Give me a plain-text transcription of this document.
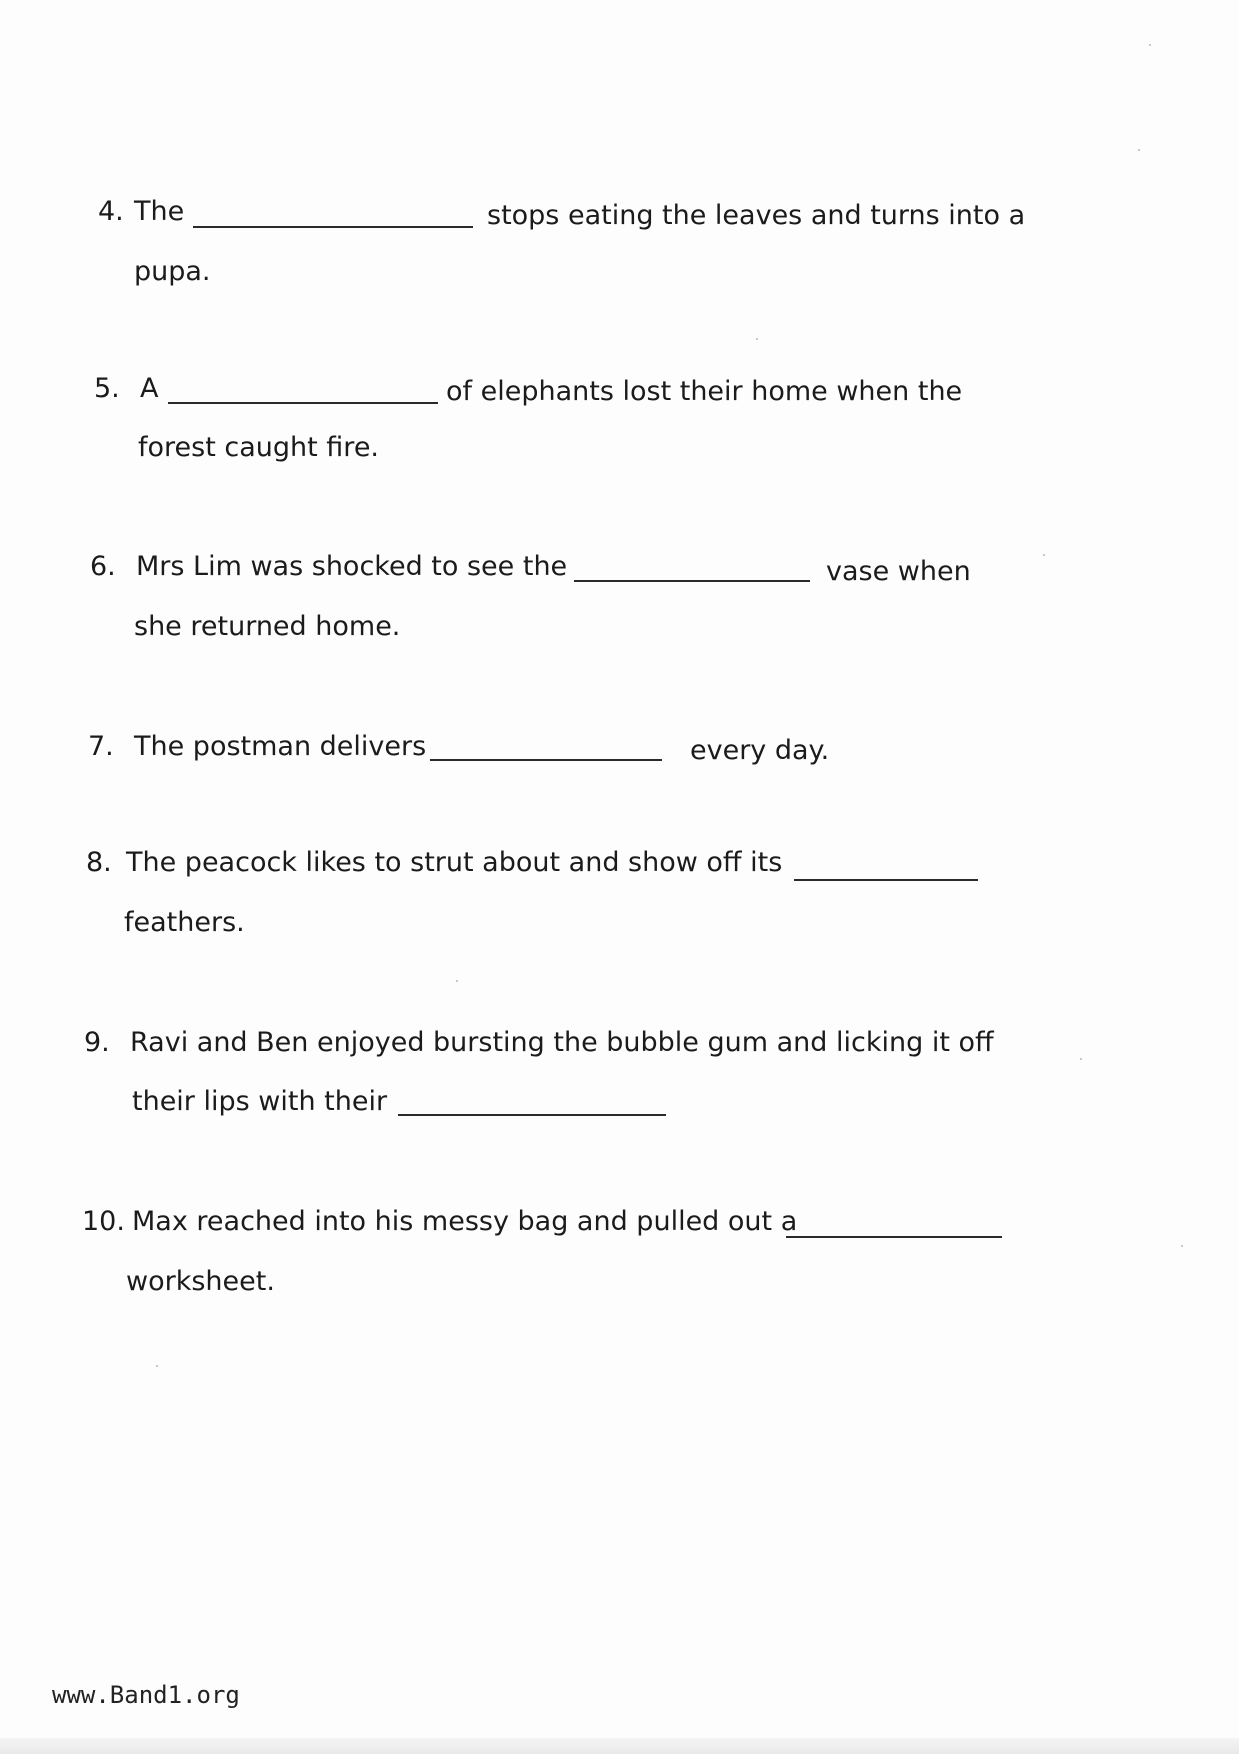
4. The	stops eating the leaves and turns into a
pupa.
5. A	of elephants lost their home when the
forest caught fire.
6. Mrs Lim was shocked to see the	vase when
she returned home.
7. The postman delivers	every day.
8. The peacock likes to strut about and show off its
feathers.
9. Ravi and Ben enjoyed bursting the bubble gum and licking it off
their lips with their
10. Max reached into his messy bag and pulled out a
worksheet.
www.Band1.org
